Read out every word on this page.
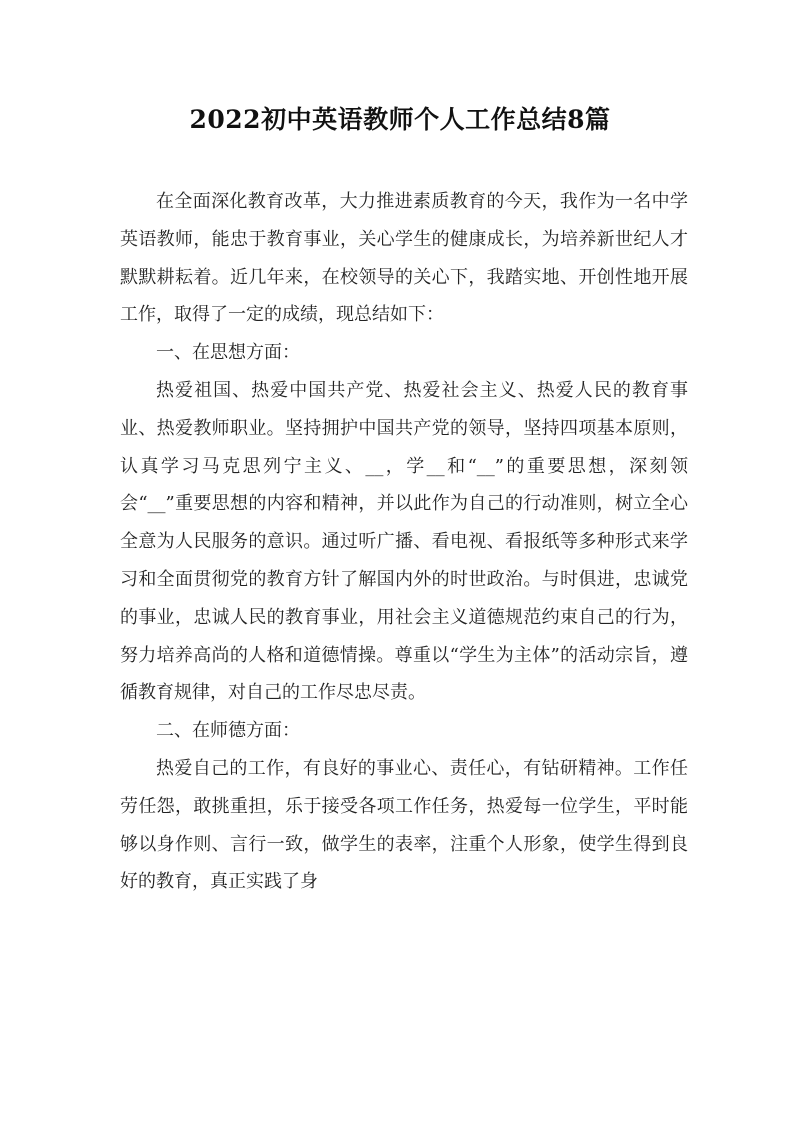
2022初中英语教师个人工作总结8篇

在全面深化教育改革，大力推进素质教育的今天，我作为一名中学英语教师，能忠于教育事业，关心学生的健康成长，为培养新世纪人才默默耕耘着。近几年来，在校领导的关心下，我踏实地、开创性地开展工作，取得了一定的成绩，现总结如下：

一、在思想方面：

热爱祖国、热爱中国共产党、热爱社会主义、热爱人民的教育事业、热爱教师职业。坚持拥护中国共产党的领导，坚持四项基本原则，认真学习马克思列宁主义、__，学__和“__”的重要思想，深刻领会“__”重要思想的内容和精神，并以此作为自己的行动准则，树立全心全意为人民服务的意识。通过听广播、看电视、看报纸等多种形式来学习和全面贯彻党的教育方针了解国内外的时世政治。与时俱进，忠诚党的事业，忠诚人民的教育事业，用社会主义道德规范约束自己的行为，努力培养高尚的人格和道德情操。尊重以“学生为主体”的活动宗旨，遵循教育规律，对自己的工作尽忠尽责。

二、在师德方面：

热爱自己的工作，有良好的事业心、责任心，有钻研精神。工作任劳任怨，敢挑重担，乐于接受各项工作任务，热爱每一位学生，平时能够以身作则、言行一致，做学生的表率，注重个人形象，使学生得到良好的教育，真正实践了身
